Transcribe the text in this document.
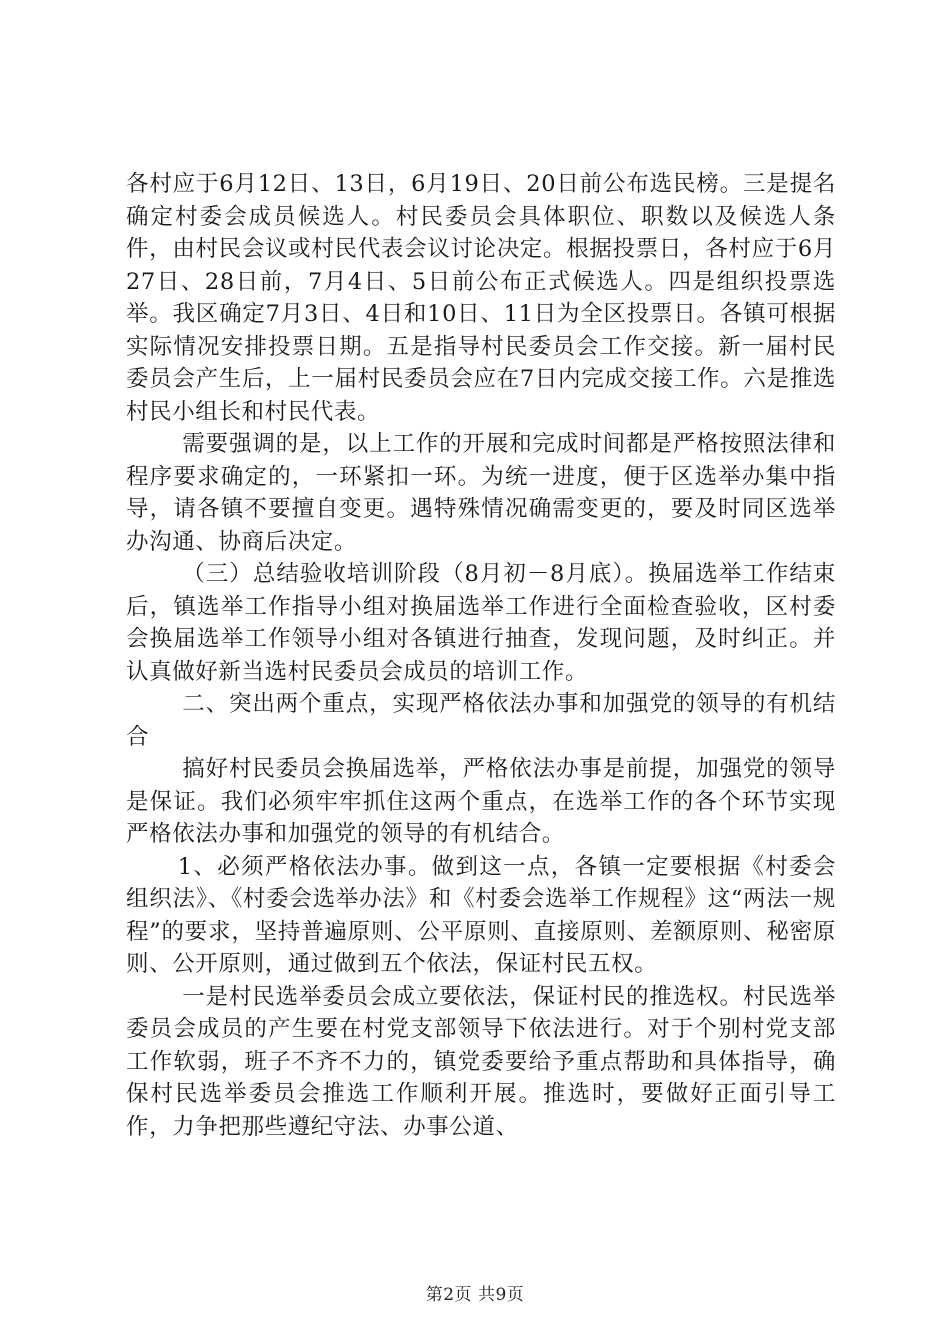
各村应于6月12日、13日，6月19日、20日前公布选民榜。三是提名确定村委会成员候选人。村民委员会具体职位、职数以及候选人条件，由村民会议或村民代表会议讨论决定。根据投票日，各村应于6月27日、28日前，7月4日、5日前公布正式候选人。四是组织投票选举。我区确定7月3日、4日和10日、11日为全区投票日。各镇可根据实际情况安排投票日期。五是指导村民委员会工作交接。新一届村民委员会产生后，上一届村民委员会应在7日内完成交接工作。六是推选村民小组长和村民代表。

需要强调的是，以上工作的开展和完成时间都是严格按照法律和程序要求确定的，一环紧扣一环。为统一进度，便于区选举办集中指导，请各镇不要擅自变更。遇特殊情况确需变更的，要及时同区选举办沟通、协商后决定。

（三）总结验收培训阶段（8月初－8月底）。换届选举工作结束后，镇选举工作指导小组对换届选举工作进行全面检查验收，区村委会换届选举工作领导小组对各镇进行抽查，发现问题，及时纠正。并认真做好新当选村民委员会成员的培训工作。

二、突出两个重点，实现严格依法办事和加强党的领导的有机结合

搞好村民委员会换届选举，严格依法办事是前提，加强党的领导是保证。我们必须牢牢抓住这两个重点，在选举工作的各个环节实现严格依法办事和加强党的领导的有机结合。

1、必须严格依法办事。做到这一点，各镇一定要根据《村委会组织法》、《村委会选举办法》和《村委会选举工作规程》这“两法一规程”的要求，坚持普遍原则、公平原则、直接原则、差额原则、秘密原则、公开原则，通过做到五个依法，保证村民五权。

一是村民选举委员会成立要依法，保证村民的推选权。村民选举委员会成员的产生要在村党支部领导下依法进行。对于个别村党支部工作软弱，班子不齐不力的，镇党委要给予重点帮助和具体指导，确保村民选举委员会推选工作顺利开展。推选时，要做好正面引导工作，力争把那些遵纪守法、办事公道、

第2页 共9页
